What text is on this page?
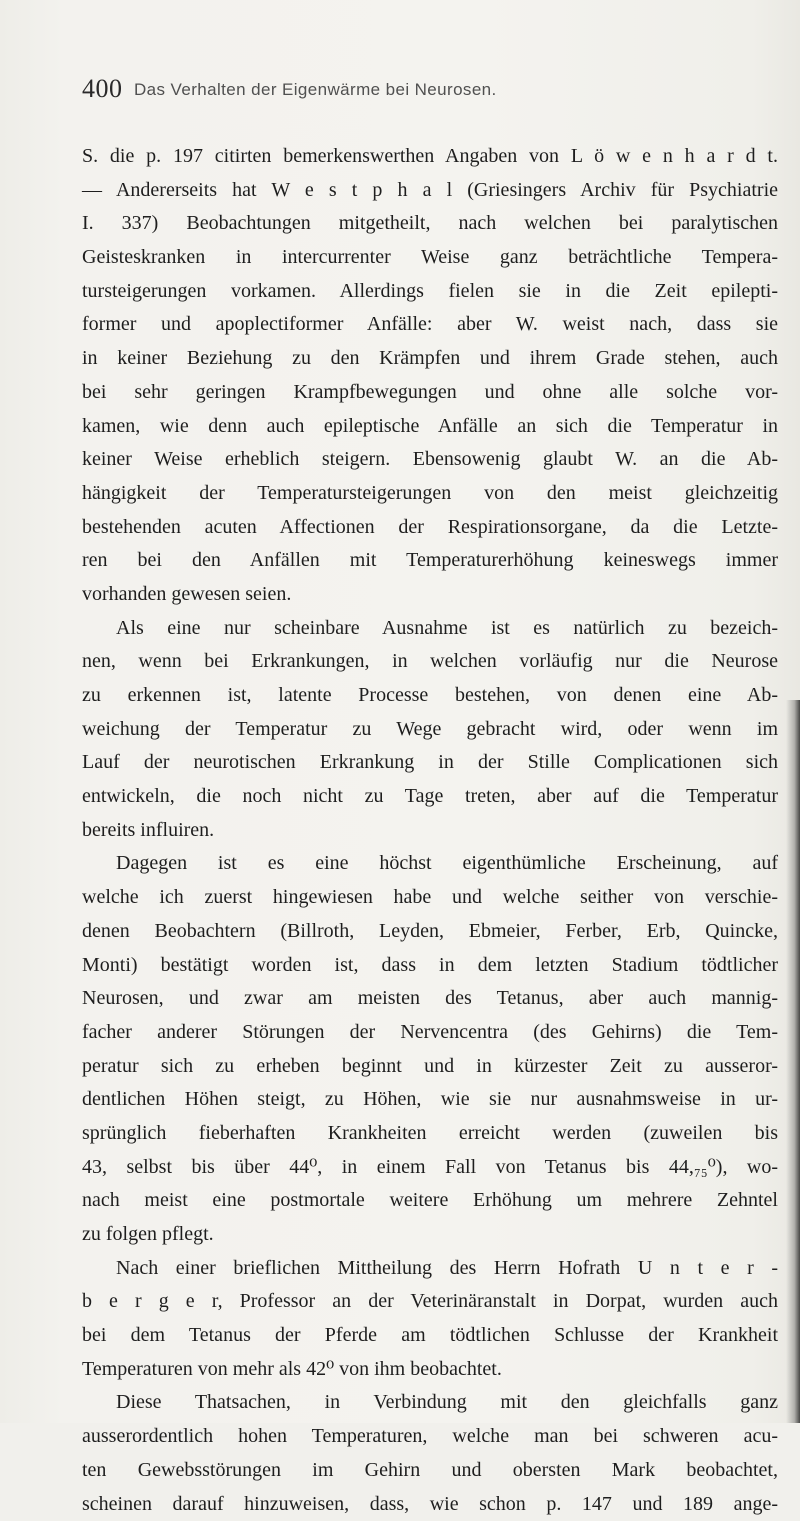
400 Das Verhalten der Eigenwärme bei Neurosen.
S. die p. 197 citirten bemerkenswerthen Angaben von L ö w e n h a r d t.
— Andererseits hat W e s t p h a l (Griesingers Archiv für Psychiatrie
I. 337) Beobachtungen mitgetheilt, nach welchen bei paralytischen
Geisteskranken in intercurrenter Weise ganz beträchtliche Tempera-
tursteigerungen vorkamen. Allerdings fielen sie in die Zeit epilepti-
former und apoplectiformer Anfälle: aber W. weist nach, dass sie
in keiner Beziehung zu den Krämpfen und ihrem Grade stehen, auch
bei sehr geringen Krampfbewegungen und ohne alle solche vor-
kamen, wie denn auch epileptische Anfälle an sich die Temperatur in
keiner Weise erheblich steigern. Ebensowenig glaubt W. an die Ab-
hängigkeit der Temperatursteigerungen von den meist gleichzeitig
bestehenden acuten Affectionen der Respirationsorgane, da die Letzte-
ren bei den Anfällen mit Temperaturerhöhung keineswegs immer
vorhanden gewesen seien.
Als eine nur scheinbare Ausnahme ist es natürlich zu bezeich-
nen, wenn bei Erkrankungen, in welchen vorläufig nur die Neurose
zu erkennen ist, latente Processe bestehen, von denen eine Ab-
weichung der Temperatur zu Wege gebracht wird, oder wenn im
Lauf der neurotischen Erkrankung in der Stille Complicationen sich
entwickeln, die noch nicht zu Tage treten, aber auf die Temperatur
bereits influiren.
Dagegen ist es eine höchst eigenthümliche Erscheinung, auf
welche ich zuerst hingewiesen habe und welche seither von verschie-
denen Beobachtern (Billroth, Leyden, Ebmeier, Ferber, Erb, Quincke,
Monti) bestätigt worden ist, dass in dem letzten Stadium tödtlicher
Neurosen, und zwar am meisten des Tetanus, aber auch mannig-
facher anderer Störungen der Nervencentra (des Gehirns) die Tem-
peratur sich zu erheben beginnt und in kürzester Zeit zu ausseror-
dentlichen Höhen steigt, zu Höhen, wie sie nur ausnahmsweise in ur-
sprünglich fieberhaften Krankheiten erreicht werden (zuweilen bis
43, selbst bis über 44⁰, in einem Fall von Tetanus bis 44,₇₅⁰), wo-
nach meist eine postmortale weitere Erhöhung um mehrere Zehntel
zu folgen pflegt.
Nach einer brieflichen Mittheilung des Herrn Hofrath U n t e r -
b e r g e r, Professor an der Veterinäranstalt in Dorpat, wurden auch
bei dem Tetanus der Pferde am tödtlichen Schlusse der Krankheit
Temperaturen von mehr als 42⁰ von ihm beobachtet.
Diese Thatsachen, in Verbindung mit den gleichfalls ganz
ausserordentlich hohen Temperaturen, welche man bei schweren acu-
ten Gewebsstörungen im Gehirn und obersten Mark beobachtet,
scheinen darauf hinzuweisen, dass, wie schon p. 147 und 189 ange-
